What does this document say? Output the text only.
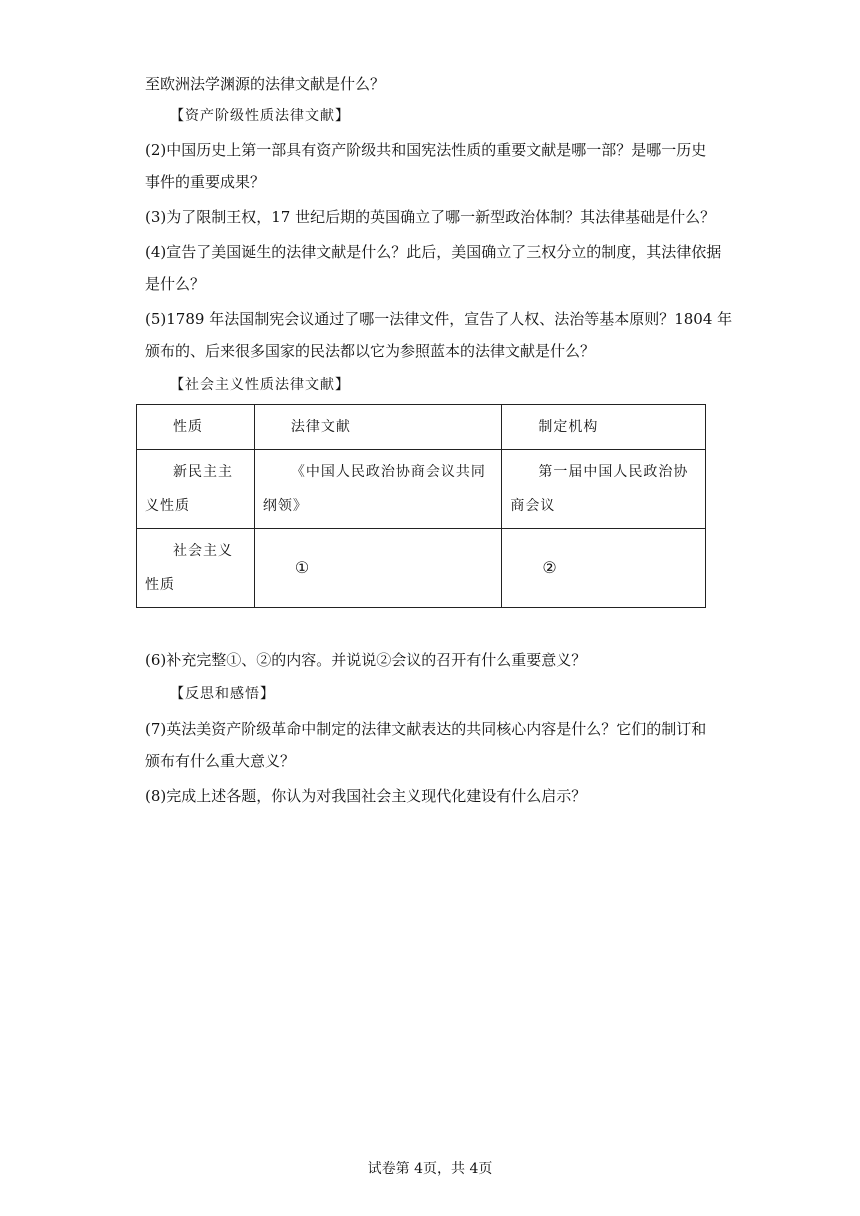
至欧洲法学渊源的法律文献是什么？
【资产阶级性质法律文献】
(2)中国历史上第一部具有资产阶级共和国宪法性质的重要文献是哪一部？是哪一历史
事件的重要成果？
(3)为了限制王权，17 世纪后期的英国确立了哪一新型政治体制？其法律基础是什么？
(4)宣告了美国诞生的法律文献是什么？此后，美国确立了三权分立的制度，其法律依据
是什么？
(5)1789 年法国制宪会议通过了哪一法律文件，宣告了人权、法治等基本原则？1804 年
颁布的、后来很多国家的民法都以它为参照蓝本的法律文献是什么？
【社会主义性质法律文献】
性质	法律文献	制定机构

新民主主义性质	《中国人民政治协商会议共同纲领》	第一届中国人民政治协商会议

社会主义性质	①	②
(6)补充完整①、②的内容。并说说②会议的召开有什么重要意义？
【反思和感悟】
(7)英法美资产阶级革命中制定的法律文献表达的共同核心内容是什么？它们的制订和
颁布有什么重大意义？
(8)完成上述各题，你认为对我国社会主义现代化建设有什么启示？
试卷第 4页，共 4页
